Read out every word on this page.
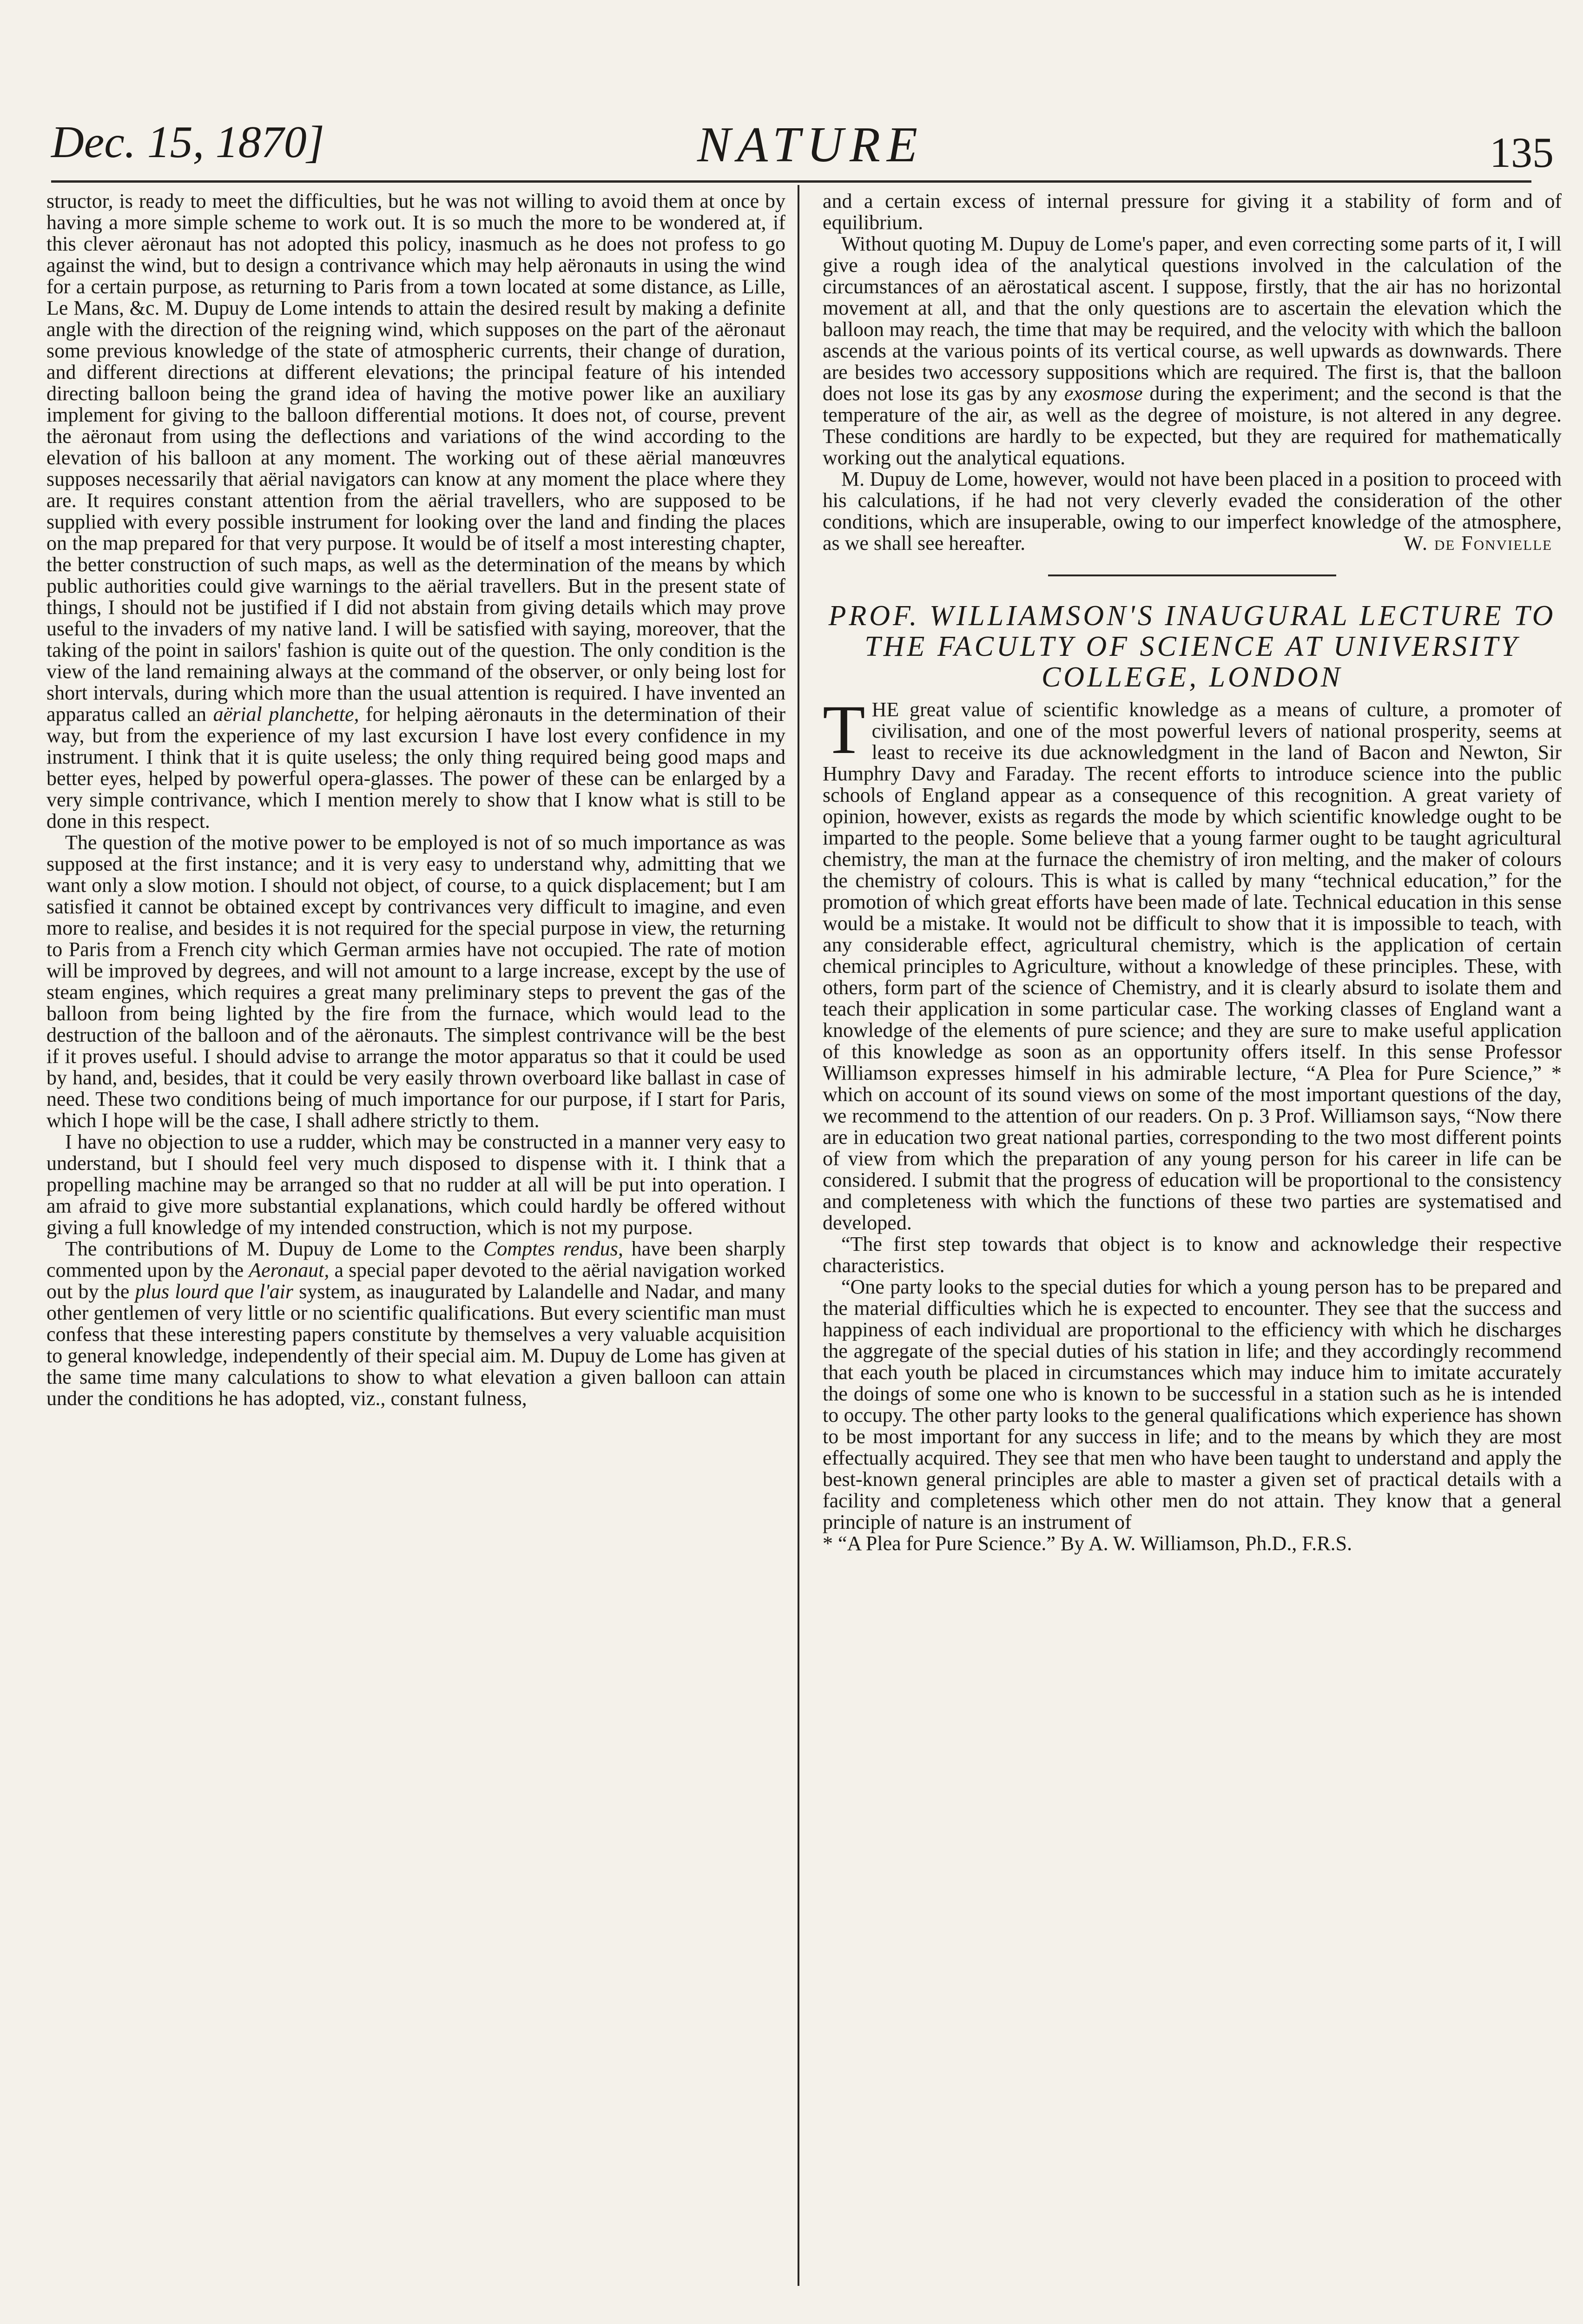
Dec. 15, 1870]	NATURE	135

structor, is ready to meet the difficulties, but he was not willing to avoid them at once by having a more simple scheme to work out. It is so much the more to be wondered at, if this clever aëronaut has not adopted this policy, inasmuch as he does not profess to go against the wind, but to design a contrivance which may help aëronauts in using the wind for a certain purpose, as returning to Paris from a town located at some distance, as Lille, Le Mans, &c. M. Dupuy de Lome intends to attain the desired result by making a definite angle with the direction of the reigning wind, which supposes on the part of the aëronaut some previous knowledge of the state of atmospheric currents, their change of duration, and different directions at different elevations; the principal feature of his intended directing balloon being the grand idea of having the motive power like an auxiliary implement for giving to the balloon differential motions. It does not, of course, prevent the aëronaut from using the deflections and variations of the wind according to the elevation of his balloon at any moment. The working out of these aërial manœuvres supposes necessarily that aërial navigators can know at any moment the place where they are. It requires constant attention from the aërial travellers, who are supposed to be supplied with every possible instrument for looking over the land and finding the places on the map prepared for that very purpose. It would be of itself a most interesting chapter, the better construction of such maps, as well as the determination of the means by which public authorities could give warnings to the aërial travellers. But in the present state of things, I should not be justified if I did not abstain from giving details which may prove useful to the invaders of my native land. I will be satisfied with saying, moreover, that the taking of the point in sailors' fashion is quite out of the question. The only condition is the view of the land remaining always at the command of the observer, or only being lost for short intervals, during which more than the usual attention is required. I have invented an apparatus called an aërial planchette, for helping aëronauts in the determination of their way, but from the experience of my last excursion I have lost every confidence in my instrument. I think that it is quite useless; the only thing required being good maps and better eyes, helped by powerful opera-glasses. The power of these can be enlarged by a very simple contrivance, which I mention merely to show that I know what is still to be done in this respect.

The question of the motive power to be employed is not of so much importance as was supposed at the first instance; and it is very easy to understand why, admitting that we want only a slow motion. I should not object, of course, to a quick displacement; but I am satisfied it cannot be obtained except by contrivances very difficult to imagine, and even more to realise, and besides it is not required for the special purpose in view, the returning to Paris from a French city which German armies have not occupied. The rate of motion will be improved by degrees, and will not amount to a large increase, except by the use of steam engines, which requires a great many preliminary steps to prevent the gas of the balloon from being lighted by the fire from the furnace, which would lead to the destruction of the balloon and of the aëronauts. The simplest contrivance will be the best if it proves useful. I should advise to arrange the motor apparatus so that it could be used by hand, and, besides, that it could be very easily thrown overboard like ballast in case of need. These two conditions being of much importance for our purpose, if I start for Paris, which I hope will be the case, I shall adhere strictly to them.

I have no objection to use a rudder, which may be constructed in a manner very easy to understand, but I should feel very much disposed to dispense with it. I think that a propelling machine may be arranged so that no rudder at all will be put into operation. I am afraid to give more substantial explanations, which could hardly be offered without giving a full knowledge of my intended construction, which is not my purpose.

The contributions of M. Dupuy de Lome to the Comptes rendus, have been sharply commented upon by the Aeronaut, a special paper devoted to the aërial navigation worked out by the plus lourd que l'air system, as inaugurated by Lalandelle and Nadar, and many other gentlemen of very little or no scientific qualifications. But every scientific man must confess that these interesting papers constitute by themselves a very valuable acquisition to general knowledge, independently of their special aim. M. Dupuy de Lome has given at the same time many calculations to show to what elevation a given balloon can attain under the conditions he has adopted, viz., constant fulness,

and a certain excess of internal pressure for giving it a stability of form and of equilibrium.

Without quoting M. Dupuy de Lome's paper, and even correcting some parts of it, I will give a rough idea of the analytical questions involved in the calculation of the circumstances of an aërostatical ascent. I suppose, firstly, that the air has no horizontal movement at all, and that the only questions are to ascertain the elevation which the balloon may reach, the time that may be required, and the velocity with which the balloon ascends at the various points of its vertical course, as well upwards as downwards. There are besides two accessory suppositions which are required. The first is, that the balloon does not lose its gas by any exosmose during the experiment; and the second is that the temperature of the air, as well as the degree of moisture, is not altered in any degree. These conditions are hardly to be expected, but they are required for mathematically working out the analytical equations.

M. Dupuy de Lome, however, would not have been placed in a position to proceed with his calculations, if he had not very cleverly evaded the consideration of the other conditions, which are insuperable, owing to our imperfect knowledge of the atmosphere, as we shall see hereafter.	W. de Fonvielle

PROF. WILLIAMSON'S INAUGURAL LECTURE TO THE FACULTY OF SCIENCE AT UNIVERSITY COLLEGE, LONDON

THE great value of scientific knowledge as a means of culture, a promoter of civilisation, and one of the most powerful levers of national prosperity, seems at least to receive its due acknowledgment in the land of Bacon and Newton, Sir Humphry Davy and Faraday. The recent efforts to introduce science into the public schools of England appear as a consequence of this recognition. A great variety of opinion, however, exists as regards the mode by which scientific knowledge ought to be imparted to the people. Some believe that a young farmer ought to be taught agricultural chemistry, the man at the furnace the chemistry of iron melting, and the maker of colours the chemistry of colours. This is what is called by many “technical education,” for the promotion of which great efforts have been made of late. Technical education in this sense would be a mistake. It would not be difficult to show that it is impossible to teach, with any considerable effect, agricultural chemistry, which is the application of certain chemical principles to Agriculture, without a knowledge of these principles. These, with others, form part of the science of Chemistry, and it is clearly absurd to isolate them and teach their application in some particular case. The working classes of England want a knowledge of the elements of pure science; and they are sure to make useful application of this knowledge as soon as an opportunity offers itself. In this sense Professor Williamson expresses himself in his admirable lecture, “A Plea for Pure Science,” * which on account of its sound views on some of the most important questions of the day, we recommend to the attention of our readers. On p. 3 Prof. Williamson says, “Now there are in education two great national parties, corresponding to the two most different points of view from which the preparation of any young person for his career in life can be considered. I submit that the progress of education will be proportional to the consistency and completeness with which the functions of these two parties are systematised and developed.

“The first step towards that object is to know and acknowledge their respective characteristics.

“One party looks to the special duties for which a young person has to be prepared and the material difficulties which he is expected to encounter. They see that the success and happiness of each individual are proportional to the efficiency with which he discharges the aggregate of the special duties of his station in life; and they accordingly recommend that each youth be placed in circumstances which may induce him to imitate accurately the doings of some one who is known to be successful in a station such as he is intended to occupy. The other party looks to the general qualifications which experience has shown to be most important for any success in life; and to the means by which they are most effectually acquired. They see that men who have been taught to understand and apply the best-known general principles are able to master a given set of practical details with a facility and completeness which other men do not attain. They know that a general principle of nature is an instrument of

* “A Plea for Pure Science.” By A. W. Williamson, Ph.D., F.R.S.
